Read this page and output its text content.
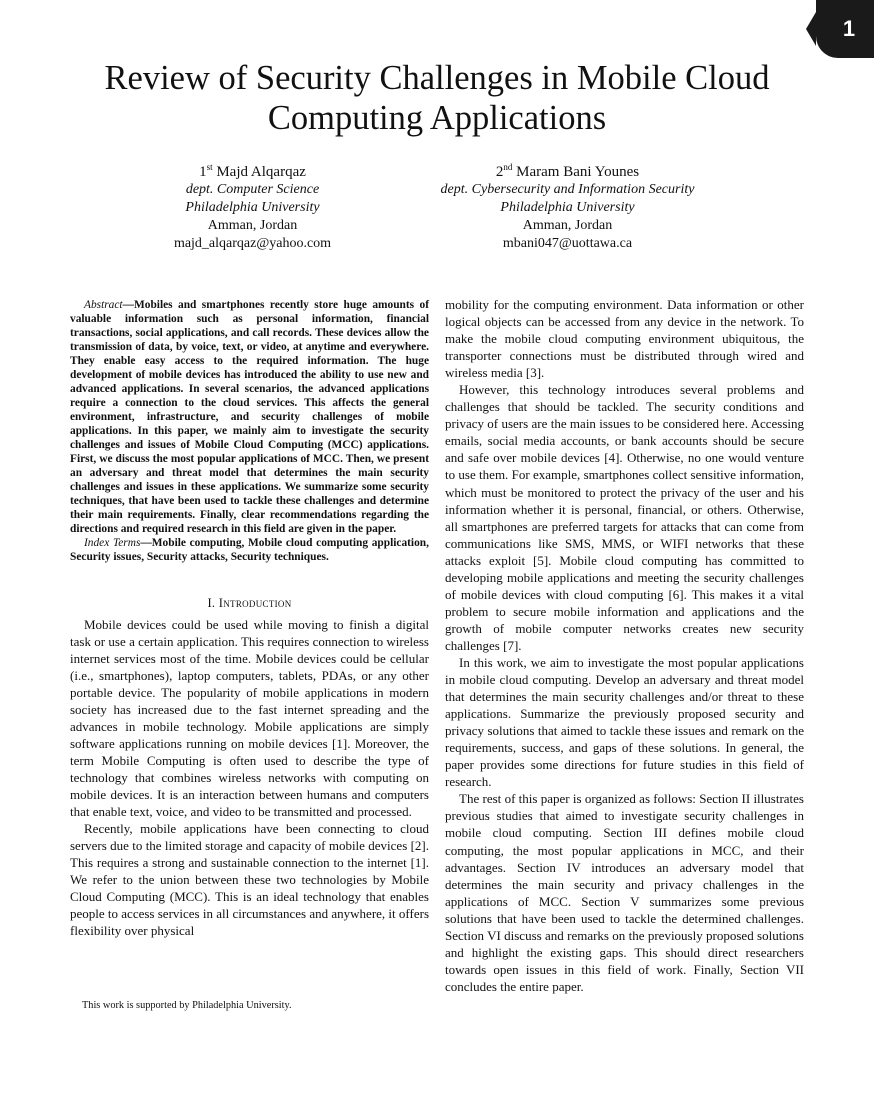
1
Review of Security Challenges in Mobile Cloud Computing Applications
1st Majd Alqarqaz
dept. Computer Science
Philadelphia University
Amman, Jordan
majd_alqarqaz@yahoo.com
2nd Maram Bani Younes
dept. Cybersecurity and Information Security
Philadelphia University
Amman, Jordan
mbani047@uottawa.ca

Abstract—Mobiles and smartphones recently store huge amounts of valuable information such as personal information, financial transactions, social applications, and call records. These devices allow the transmission of data, by voice, text, or video, at anytime and everywhere. They enable easy access to the required information. The huge development of mobile devices has introduced the ability to use new and advanced applications. In several scenarios, the advanced applications require a connection to the cloud services. This affects the general environment, infrastructure, and security challenges of mobile applications. In this paper, we mainly aim to investigate the security challenges and issues of Mobile Cloud Computing (MCC) applications. First, we discuss the most popular applications of MCC. Then, we present an adversary and threat model that determines the main security challenges and issues in these applications. We summarize some security techniques, that have been used to tackle these challenges and determine their main requirements. Finally, clear recommendations regarding the directions and required research in this field are given in the paper.

Index Terms—Mobile computing, Mobile cloud computing application, Security issues, Security attacks, Security techniques.

I. Introduction

Mobile devices could be used while moving to finish a digital task or use a certain application. This requires connection to wireless internet services most of the time. Mobile devices could be cellular (i.e., smartphones), laptop computers, tablets, PDAs, or any other portable device. The popularity of mobile applications in modern society has increased due to the fast internet spreading and the advances in mobile technology. Mobile applications are simply software applications running on mobile devices [1]. Moreover, the term Mobile Computing is often used to describe the type of technology that combines wireless networks with computing on mobile devices. It is an interaction between humans and computers that enable text, voice, and video to be transmitted and processed.

Recently, mobile applications have been connecting to cloud servers due to the limited storage and capacity of mobile devices [2]. This requires a strong and sustainable connection to the internet [1]. We refer to the union between these two technologies by Mobile Cloud Computing (MCC). This is an ideal technology that enables people to access services in all circumstances and anywhere, it offers flexibility over physical

mobility for the computing environment. Data information or other logical objects can be accessed from any device in the network. To make the mobile cloud computing environment ubiquitous, the transporter connections must be distributed through wired and wireless media [3].

However, this technology introduces several problems and challenges that should be tackled. The security conditions and privacy of users are the main issues to be considered here. Accessing emails, social media accounts, or bank accounts should be secure and safe over mobile devices [4]. Otherwise, no one would venture to use them. For example, smartphones collect sensitive information, which must be monitored to protect the privacy of the user and his information whether it is personal, financial, or others. Otherwise, all smartphones are preferred targets for attacks that can come from communications like SMS, MMS, or WIFI networks that these attacks exploit [5]. Mobile cloud computing has committed to developing mobile applications and meeting the security challenges of mobile devices with cloud computing [6]. This makes it a vital problem to secure mobile information and applications and the growth of mobile computer networks creates new security challenges [7].

In this work, we aim to investigate the most popular applications in mobile cloud computing. Develop an adversary and threat model that determines the main security challenges and/or threat to these applications. Summarize the previously proposed security and privacy solutions that aimed to tackle these issues and remark on the requirements, success, and gaps of these solutions. In general, the paper provides some directions for future studies in this field of research.

The rest of this paper is organized as follows: Section II illustrates previous studies that aimed to investigate security challenges in mobile cloud computing. Section III defines mobile cloud computing, the most popular applications in MCC, and their advantages. Section IV introduces an adversary model that determines the main security and privacy challenges in the applications of MCC. Section V summarizes some previous solutions that have been used to tackle the determined challenges. Section VI discuss and remarks on the previously proposed solutions and highlight the existing gaps. This should direct researchers towards open issues in this field of work. Finally, Section VII concludes the entire paper.

This work is supported by Philadelphia University.
